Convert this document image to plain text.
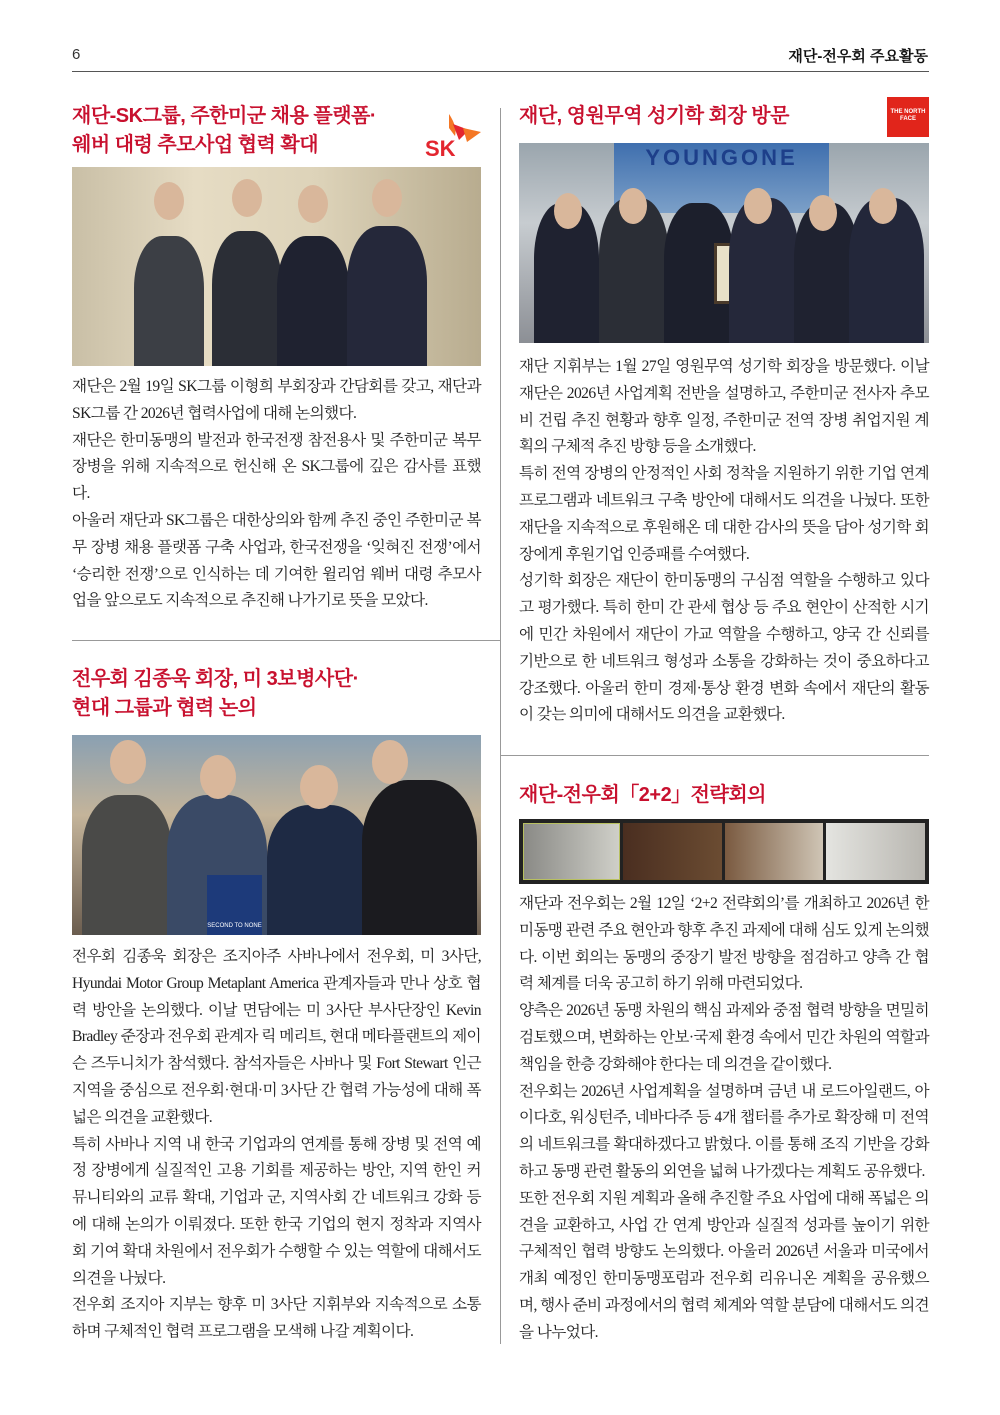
6	재단-전우회 주요활동
재단-SK그룹, 주한미군 채용 플랫폼·
웨버 대령 추모사업 협력 확대	SK

재단은 2월 19일 SK그룹 이형희 부회장과 간담회를 갖고, 재단과 SK그룹 간 2026년 협력사업에 대해 논의했다.

재단은 한미동맹의 발전과 한국전쟁 참전용사 및 주한미군 복무 장병을 위해 지속적으로 헌신해 온 SK그룹에 깊은 감사를 표했다.

아울러 재단과 SK그룹은 대한상의와 함께 추진 중인 주한미군 복무 장병 채용 플랫폼 구축 사업과, 한국전쟁을 ‘잊혀진 전쟁’에서 ‘승리한 전쟁’으로 인식하는 데 기여한 윌리엄 웨버 대령 추모사업을 앞으로도 지속적으로 추진해 나가기로 뜻을 모았다.

전우회 김종욱 회장, 미 3보병사단·
현대 그룹과 협력 논의
SECOND TO NONE

전우회 김종욱 회장은 조지아주 사바나에서 전우회, 미 3사단, Hyundai Motor Group Metaplant America 관계자들과 만나 상호 협력 방안을 논의했다. 이날 면담에는 미 3사단 부사단장인 Kevin Bradley 준장과 전우회 관계자 릭 메리트, 현대 메타플랜트의 제이슨 즈두니치가 참석했다. 참석자들은 사바나 및 Fort Stewart 인근 지역을 중심으로 전우회·현대·미 3사단 간 협력 가능성에 대해 폭넓은 의견을 교환했다.

특히 사바나 지역 내 한국 기업과의 연계를 통해 장병 및 전역 예정 장병에게 실질적인 고용 기회를 제공하는 방안, 지역 한인 커뮤니티와의 교류 확대, 기업과 군, 지역사회 간 네트워크 강화 등에 대해 논의가 이뤄졌다. 또한 한국 기업의 현지 정착과 지역사회 기여 확대 차원에서 전우회가 수행할 수 있는 역할에 대해서도 의견을 나눴다.

전우회 조지아 지부는 향후 미 3사단 지휘부와 지속적으로 소통하며 구체적인 협력 프로그램을 모색해 나갈 계획이다.

재단, 영원무역 성기학 회장 방문	THE NORTH FACE
YOUNGONE

재단 지휘부는 1월 27일 영원무역 성기학 회장을 방문했다. 이날 재단은 2026년 사업계획 전반을 설명하고, 주한미군 전사자 추모비 건립 추진 현황과 향후 일정, 주한미군 전역 장병 취업지원 계획의 구체적 추진 방향 등을 소개했다.

특히 전역 장병의 안정적인 사회 정착을 지원하기 위한 기업 연계 프로그램과 네트워크 구축 방안에 대해서도 의견을 나눴다. 또한 재단을 지속적으로 후원해온 데 대한 감사의 뜻을 담아 성기학 회장에게 후원기업 인증패를 수여했다.

성기학 회장은 재단이 한미동맹의 구심점 역할을 수행하고 있다고 평가했다. 특히 한미 간 관세 협상 등 주요 현안이 산적한 시기에 민간 차원에서 재단이 가교 역할을 수행하고, 양국 간 신뢰를 기반으로 한 네트워크 형성과 소통을 강화하는 것이 중요하다고 강조했다. 아울러 한미 경제·통상 환경 변화 속에서 재단의 활동이 갖는 의미에 대해서도 의견을 교환했다.

재단-전우회「2+2」전략회의

재단과 전우회는 2월 12일 ‘2+2 전략회의’를 개최하고 2026년 한미동맹 관련 주요 현안과 향후 추진 과제에 대해 심도 있게 논의했다. 이번 회의는 동맹의 중장기 발전 방향을 점검하고 양측 간 협력 체계를 더욱 공고히 하기 위해 마련되었다.

양측은 2026년 동맹 차원의 핵심 과제와 중점 협력 방향을 면밀히 검토했으며, 변화하는 안보·국제 환경 속에서 민간 차원의 역할과 책임을 한층 강화해야 한다는 데 의견을 같이했다.

전우회는 2026년 사업계획을 설명하며 금년 내 로드아일랜드, 아이다호, 워싱턴주, 네바다주 등 4개 챕터를 추가로 확장해 미 전역의 네트워크를 확대하겠다고 밝혔다. 이를 통해 조직 기반을 강화하고 동맹 관련 활동의 외연을 넓혀 나가겠다는 계획도 공유했다.

또한 전우회 지원 계획과 올해 추진할 주요 사업에 대해 폭넓은 의견을 교환하고, 사업 간 연계 방안과 실질적 성과를 높이기 위한 구체적인 협력 방향도 논의했다. 아울러 2026년 서울과 미국에서 개최 예정인 한미동맹포럼과 전우회 리유니온 계획을 공유했으며, 행사 준비 과정에서의 협력 체계와 역할 분담에 대해서도 의견을 나누었다.
